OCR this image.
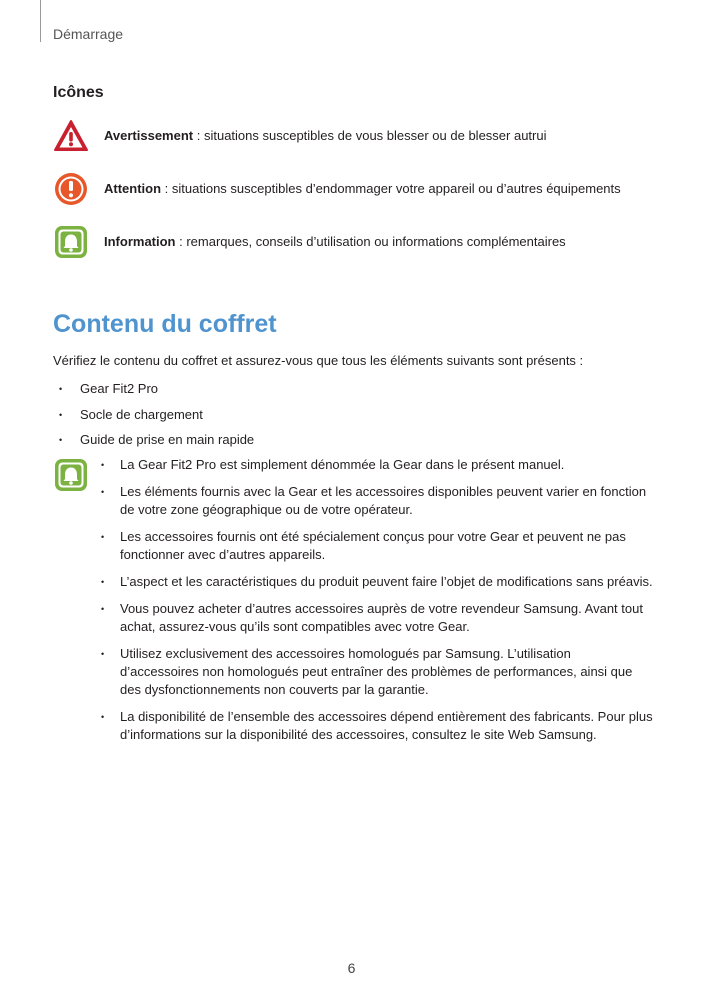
Démarrage
Icônes
Avertissement : situations susceptibles de vous blesser ou de blesser autrui
Attention : situations susceptibles d’endommager votre appareil ou d’autres équipements
Information : remarques, conseils d’utilisation ou informations complémentaires
Contenu du coffret
Vérifiez le contenu du coffret et assurez-vous que tous les éléments suivants sont présents :
• Gear Fit2 Pro
• Socle de chargement
• Guide de prise en main rapide
• La Gear Fit2 Pro est simplement dénommée la Gear dans le présent manuel.
• Les éléments fournis avec la Gear et les accessoires disponibles peuvent varier en fonction de votre zone géographique ou de votre opérateur.
• Les accessoires fournis ont été spécialement conçus pour votre Gear et peuvent ne pas fonctionner avec d’autres appareils.
• L’aspect et les caractéristiques du produit peuvent faire l’objet de modifications sans préavis.
• Vous pouvez acheter d’autres accessoires auprès de votre revendeur Samsung. Avant tout achat, assurez-vous qu’ils sont compatibles avec votre Gear.
• Utilisez exclusivement des accessoires homologués par Samsung. L’utilisation d’accessoires non homologués peut entraîner des problèmes de performances, ainsi que des dysfonctionnements non couverts par la garantie.
• La disponibilité de l’ensemble des accessoires dépend entièrement des fabricants. Pour plus d’informations sur la disponibilité des accessoires, consultez le site Web Samsung.
6
